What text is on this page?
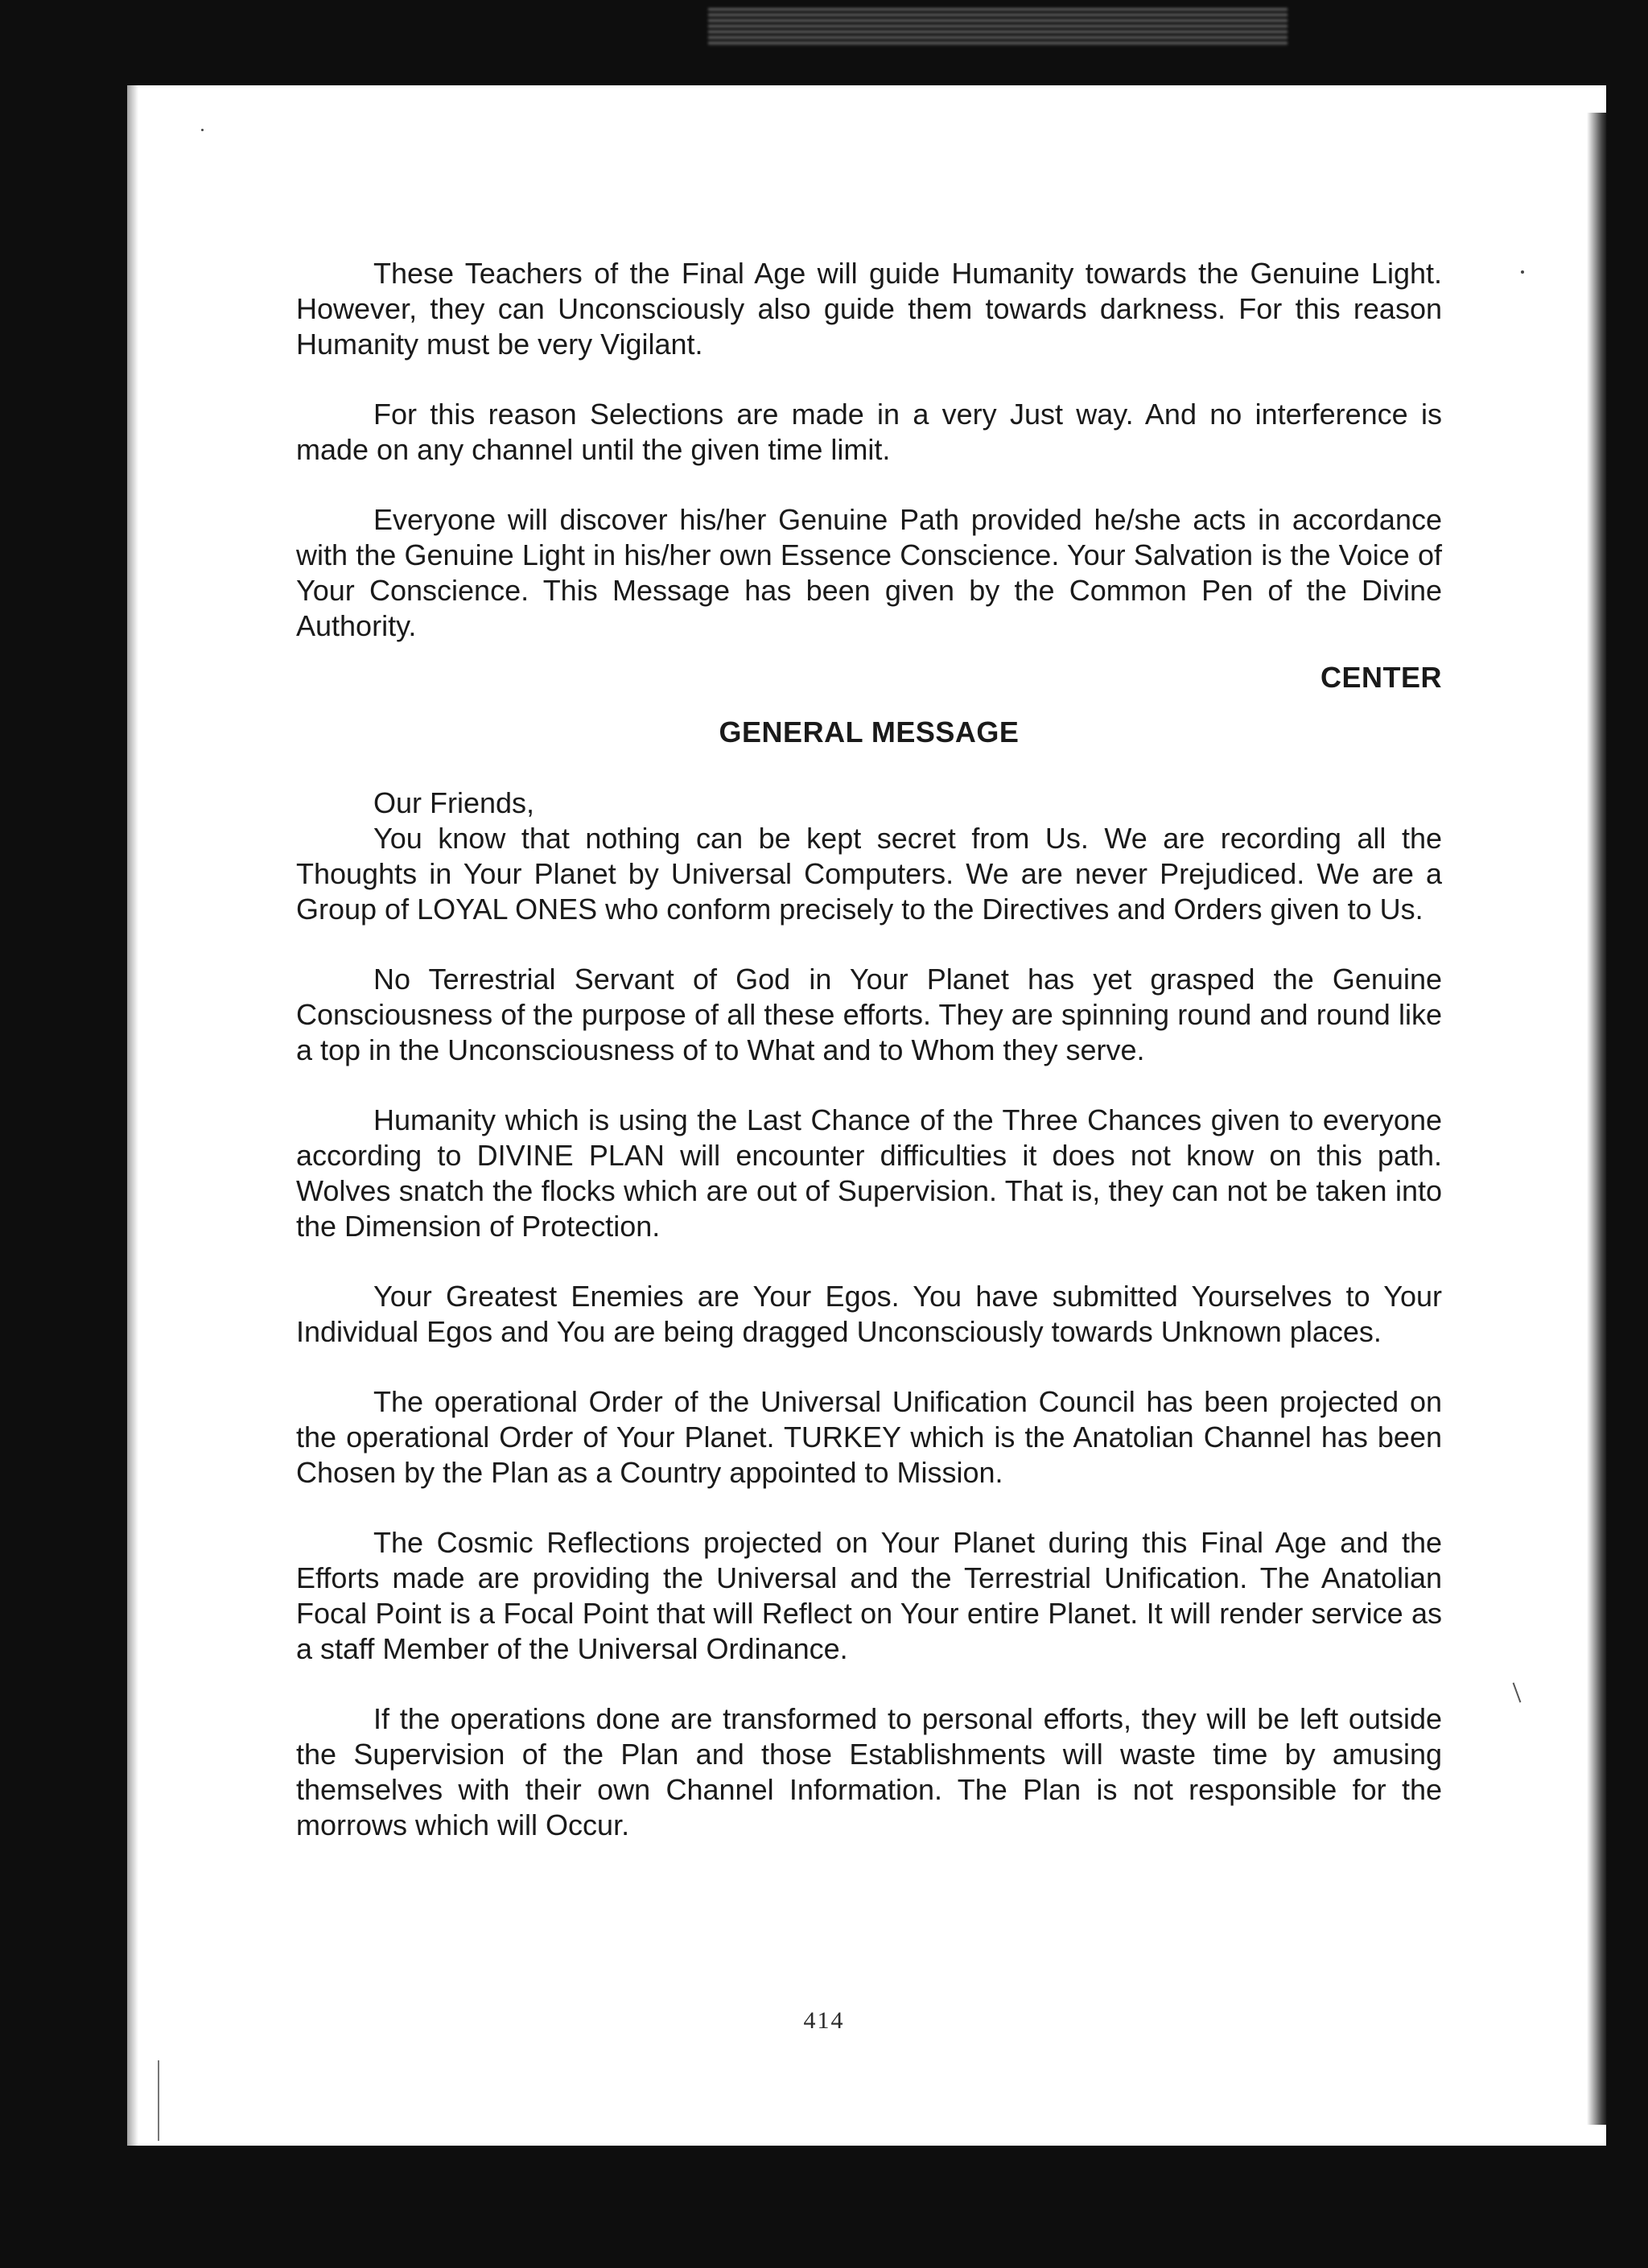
These Teachers of the Final Age will guide Humanity towards the Genuine Light. However, they can Unconsciously also guide them towards darkness. For this reason Humanity must be very Vigilant.

For this reason Selections are made in a very Just way. And no interference is made on any channel until the given time limit.

Everyone will discover his/her Genuine Path provided he/she acts in accordance with the Genuine Light in his/her own Essence Conscience. Your Salvation is the Voice of Your Conscience. This Message has been given by the Common Pen of the Divine Authority.

CENTER
GENERAL MESSAGE

Our Friends,

You know that nothing can be kept secret from Us. We are recording all the Thoughts in Your Planet by Universal Computers. We are never Prejudiced. We are a Group of LOYAL ONES who conform precisely to the Directives and Orders given to Us.

No Terrestrial Servant of God in Your Planet has yet grasped the Genuine Consciousness of the purpose of all these efforts. They are spinning round and round like a top in the Unconsciousness of to What and to Whom they serve.

Humanity which is using the Last Chance of the Three Chances given to everyone according to DIVINE PLAN will encounter difficulties it does not know on this path. Wolves snatch the flocks which are out of Supervision. That is, they can not be taken into the Dimension of Protection.

Your Greatest Enemies are Your Egos. You have submitted Yourselves to Your Individual Egos and You are being dragged Unconsciously towards Unknown places.

The operational Order of the Universal Unification Council has been projected on the operational Order of Your Planet. TURKEY which is the Anatolian Channel has been Chosen by the Plan as a Country appointed to Mission.

The Cosmic Reflections projected on Your Planet during this Final Age and the Efforts made are providing the Universal and the Terrestrial Unification. The Anatolian Focal Point is a Focal Point that will Reflect on Your entire Planet. It will render service as a staff Member of the Universal Ordinance.

If the operations done are transformed to personal efforts, they will be left outside the Supervision of the Plan and those Establishments will waste time by amusing themselves with their own Channel Information. The Plan is not responsible for the morrows which will Occur.

414
